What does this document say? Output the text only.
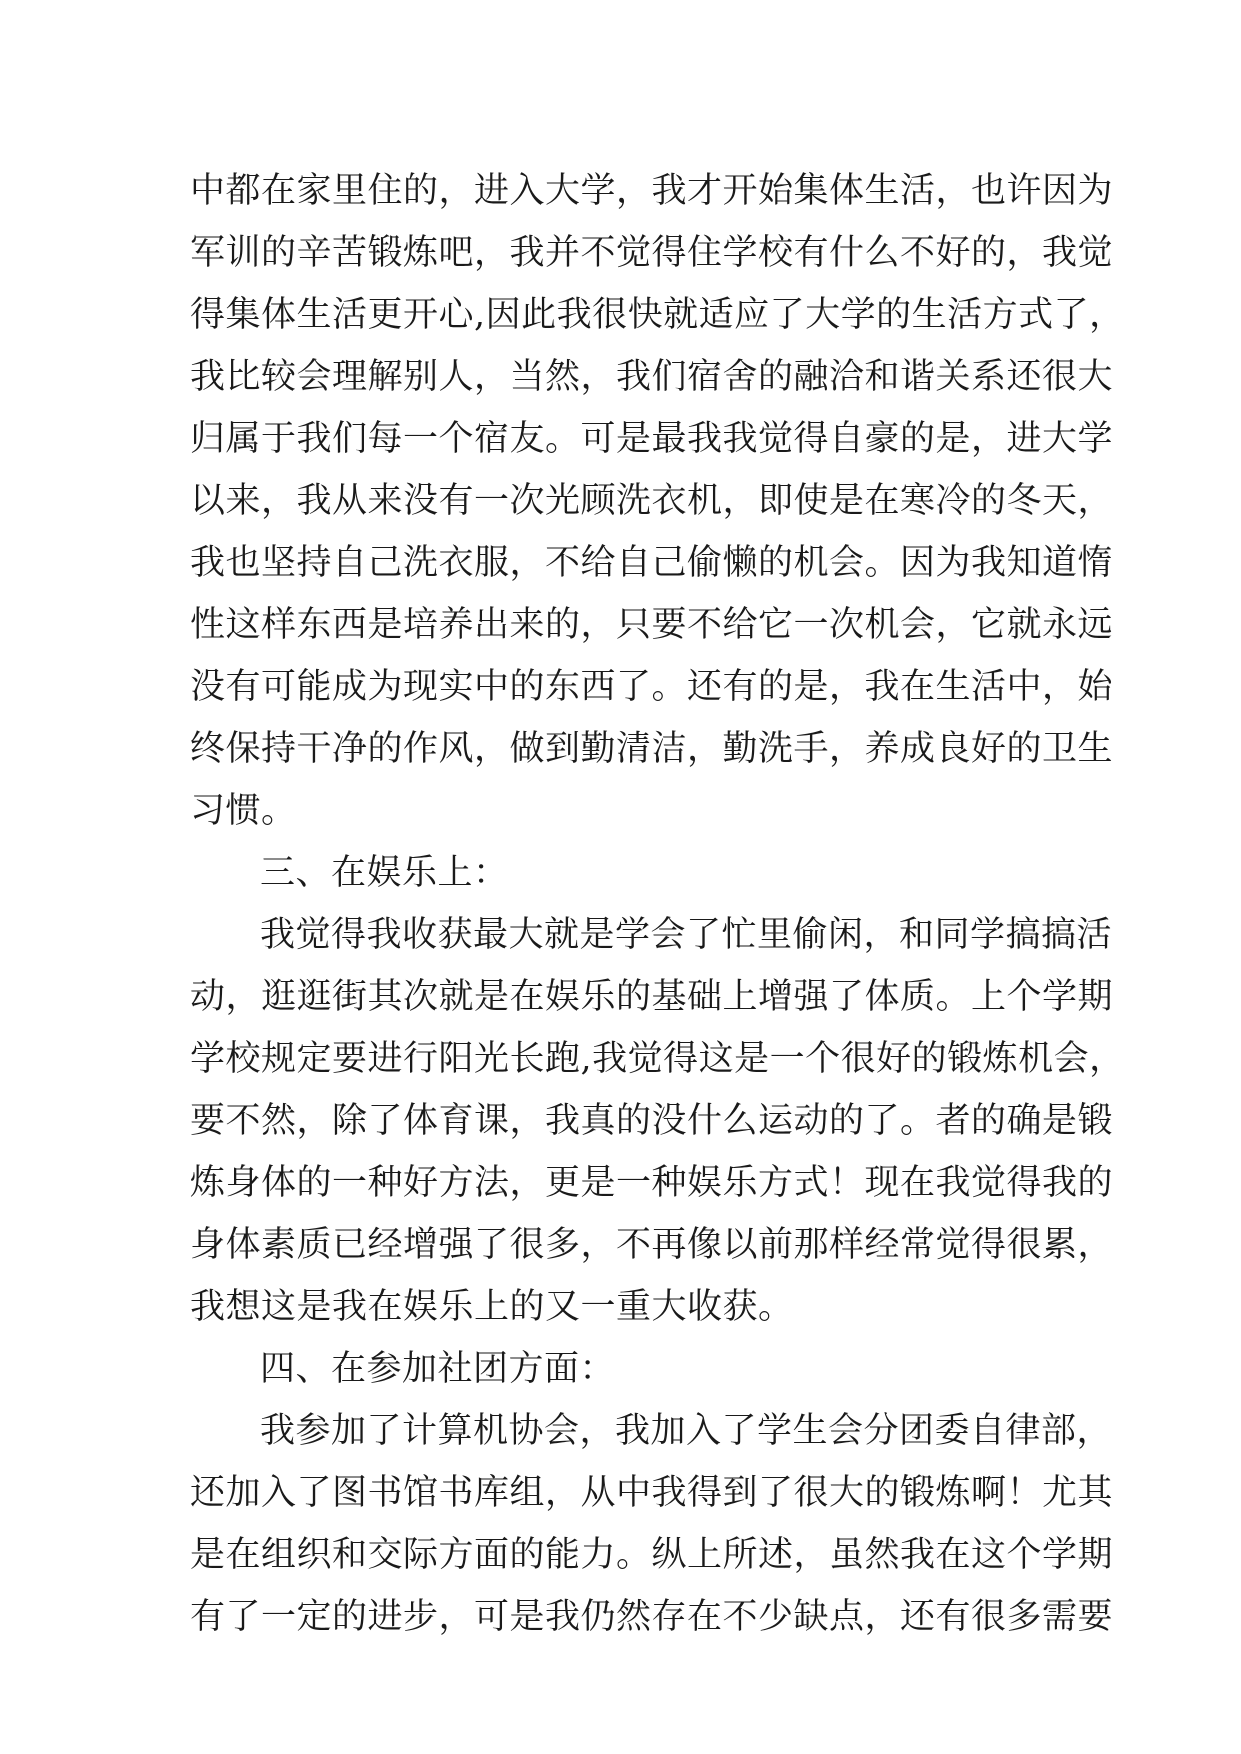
中都在家里住的，进入大学，我才开始集体生活，也许因为
军训的辛苦锻炼吧，我并不觉得住学校有什么不好的，我觉
得集体生活更开心,因此我很快就适应了大学的生活方式了，
我比较会理解别人，当然，我们宿舍的融洽和谐关系还很大
归属于我们每一个宿友。可是最我我觉得自豪的是，进大学
以来，我从来没有一次光顾洗衣机，即使是在寒冷的冬天，
我也坚持自己洗衣服，不给自己偷懒的机会。因为我知道惰
性这样东西是培养出来的，只要不给它一次机会，它就永远
没有可能成为现实中的东西了。还有的是，我在生活中，始
终保持干净的作风，做到勤清洁，勤洗手，养成良好的卫生
习惯。
三、在娱乐上：
我觉得我收获最大就是学会了忙里偷闲，和同学搞搞活
动，逛逛街其次就是在娱乐的基础上增强了体质。上个学期
学校规定要进行阳光长跑,我觉得这是一个很好的锻炼机会，
要不然，除了体育课，我真的没什么运动的了。者的确是锻
炼身体的一种好方法，更是一种娱乐方式！现在我觉得我的
身体素质已经增强了很多，不再像以前那样经常觉得很累，
我想这是我在娱乐上的又一重大收获。
四、在参加社团方面：
我参加了计算机协会，我加入了学生会分团委自律部，
还加入了图书馆书库组，从中我得到了很大的锻炼啊！尤其
是在组织和交际方面的能力。纵上所述，虽然我在这个学期
有了一定的进步，可是我仍然存在不少缺点，还有很多需要
